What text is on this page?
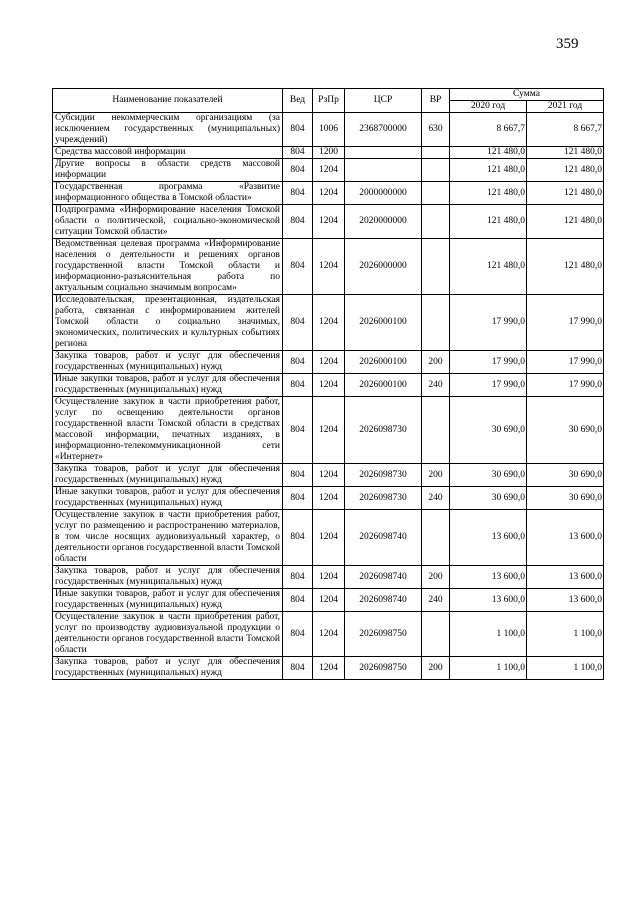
359
Наименование показателей	Вед	РзПр	ЦСР	ВР	Сумма	
					2020 год	2021 год
Субсидии некоммерческим организациям (за исключением государственных (муниципальных) учреждений)	804	1006	2368700000	630	8 667,7	8 667,7
Средства массовой информации	804	1200			121 480,0	121 480,0
Другие вопросы в области средств массовой информации	804	1204			121 480,0	121 480,0
Государственная программа «Развитие информационного общества в Томской области»	804	1204	2000000000		121 480,0	121 480,0
Подпрограмма «Информирование населения Томской области о политической, социально-экономической ситуации Томской области»	804	1204	2020000000		121 480,0	121 480,0
Ведомственная целевая программа «Информирование населения о деятельности и решениях органов государственной власти Томской области и информационно-разъяснительная работа по актуальным социально значимым вопросам»	804	1204	2026000000		121 480,0	121 480,0
Исследовательская, презентационная, издательская работа, связанная с информированием жителей Томской области о социально значимых, экономических, политических и культурных событиях региона	804	1204	2026000100		17 990,0	17 990,0
Закупка товаров, работ и услуг для обеспечения государственных (муниципальных) нужд	804	1204	2026000100	200	17 990,0	17 990,0
Иные закупки товаров, работ и услуг для обеспечения государственных (муниципальных) нужд	804	1204	2026000100	240	17 990,0	17 990,0
Осуществление закупок в части приобретения работ, услуг по освещению деятельности органов государственной власти Томской области в средствах массовой информации, печатных изданиях, в информационно-телекоммуникационной сети «Интернет»	804	1204	2026098730		30 690,0	30 690,0
Закупка товаров, работ и услуг для обеспечения государственных (муниципальных) нужд	804	1204	2026098730	200	30 690,0	30 690,0
Иные закупки товаров, работ и услуг для обеспечения государственных (муниципальных) нужд	804	1204	2026098730	240	30 690,0	30 690,0
Осуществление закупок в части приобретения работ, услуг по размещению и распространению материалов, в том числе носящих аудиовизуальный характер, о деятельности органов государственной власти Томской области	804	1204	2026098740		13 600,0	13 600,0
Закупка товаров, работ и услуг для обеспечения государственных (муниципальных) нужд	804	1204	2026098740	200	13 600,0	13 600,0
Иные закупки товаров, работ и услуг для обеспечения государственных (муниципальных) нужд	804	1204	2026098740	240	13 600,0	13 600,0
Осуществление закупок в части приобретения работ, услуг по производству аудиовизуальной продукции о деятельности органов государственной власти Томской области	804	1204	2026098750		1 100,0	1 100,0
Закупка товаров, работ и услуг для обеспечения государственных (муниципальных) нужд	804	1204	2026098750	200	1 100,0	1 100,0
